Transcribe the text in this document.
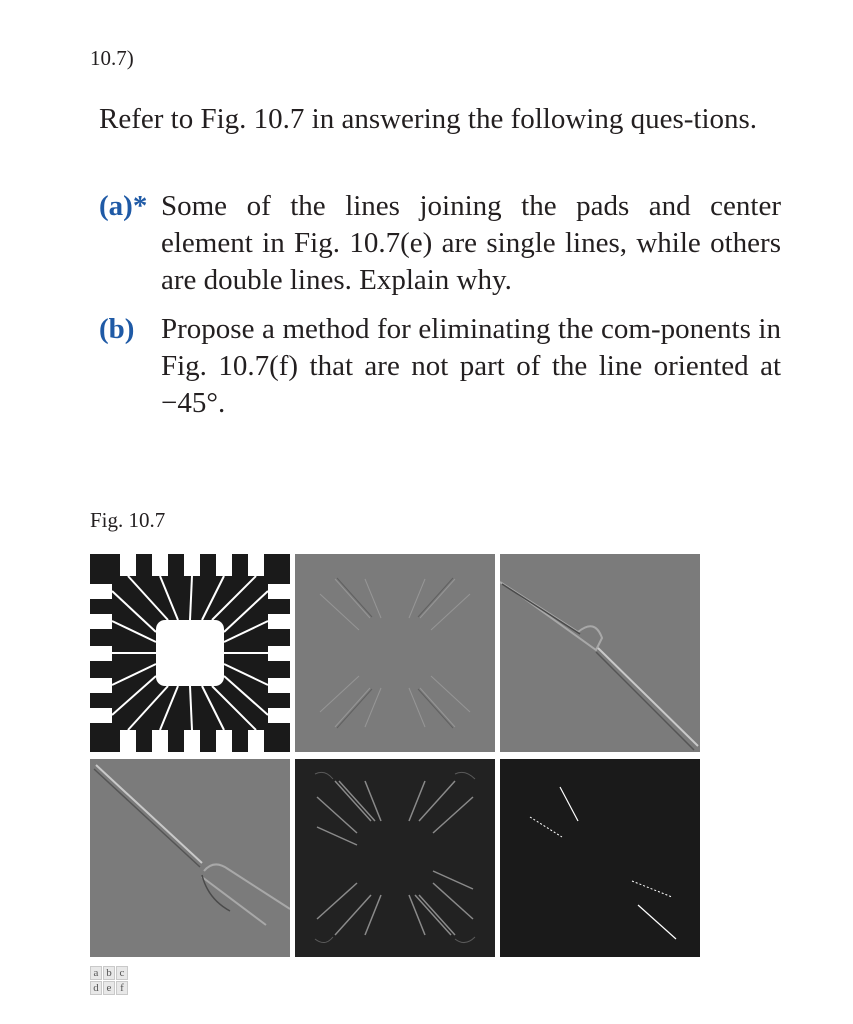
10.7)
Refer to Fig. 10.7 in answering the following ques-tions.
(a)* Some of the lines joining the pads and center element in Fig. 10.7(e) are single lines, while others are double lines. Explain why.
(b) Propose a method for eliminating the com-ponents in Fig. 10.7(f) that are not part of the line oriented at −45°.
Fig. 10.7
a b c
d e f
